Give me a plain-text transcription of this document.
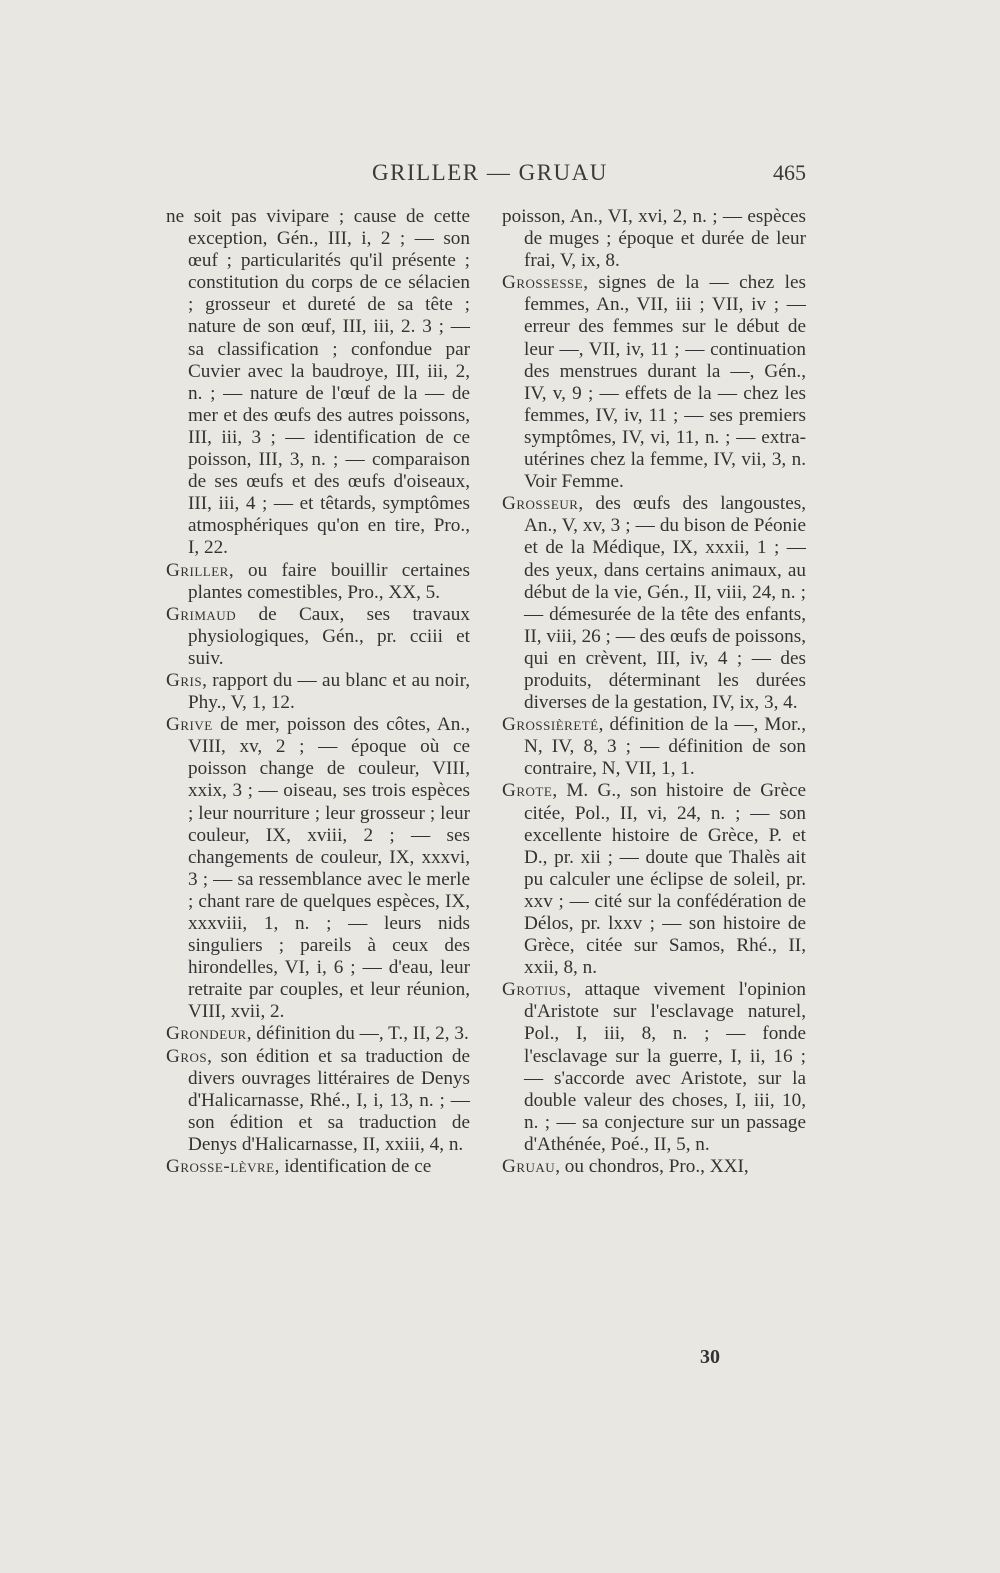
GRILLER — GRUAU	465

ne soit pas vivipare ; cause de cette exception, Gén., III, i, 2 ; — son œuf ; particularités qu'il présente ; constitution du corps de ce sélacien ; grosseur et dureté de sa tête ; nature de son œuf, III, iii, 2. 3 ; — sa classification ; confondue par Cuvier avec la baudroye, III, iii, 2, n. ; — nature de l'œuf de la — de mer et des œufs des autres poissons, III, iii, 3 ; — identification de ce poisson, III, 3, n. ; — comparaison de ses œufs et des œufs d'oiseaux, III, iii, 4 ; — et têtards, symptômes atmosphériques qu'on en tire, Pro., I, 22.

Griller, ou faire bouillir certaines plantes comestibles, Pro., XX, 5.

Grimaud de Caux, ses travaux physiologiques, Gén., pr. cciii et suiv.

Gris, rapport du — au blanc et au noir, Phy., V, 1, 12.

Grive de mer, poisson des côtes, An., VIII, xv, 2 ; — époque où ce poisson change de couleur, VIII, xxix, 3 ; — oiseau, ses trois espèces ; leur nourriture ; leur grosseur ; leur couleur, IX, xviii, 2 ; — ses changements de couleur, IX, xxxvi, 3 ; — sa ressemblance avec le merle ; chant rare de quelques espèces, IX, xxxviii, 1, n. ; — leurs nids singuliers ; pareils à ceux des hirondelles, VI, i, 6 ; — d'eau, leur retraite par couples, et leur réunion, VIII, xvii, 2.

Grondeur, définition du —, T., II, 2, 3.

Gros, son édition et sa traduction de divers ouvrages littéraires de Denys d'Halicarnasse, Rhé., I, i, 13, n. ; — son édition et sa traduction de Denys d'Halicarnasse, II, xxiii, 4, n.

Grosse-lèvre, identification de ce

poisson, An., VI, xvi, 2, n. ; — espèces de muges ; époque et durée de leur frai, V, ix, 8.

Grossesse, signes de la — chez les femmes, An., VII, iii ; VII, iv ; — erreur des femmes sur le début de leur —, VII, iv, 11 ; — continuation des menstrues durant la —, Gén., IV, v, 9 ; — effets de la — chez les femmes, IV, iv, 11 ; — ses premiers symptômes, IV, vi, 11, n. ; — extra-utérines chez la femme, IV, vii, 3, n. Voir Femme.

Grosseur, des œufs des langoustes, An., V, xv, 3 ; — du bison de Péonie et de la Médique, IX, xxxii, 1 ; — des yeux, dans certains animaux, au début de la vie, Gén., II, viii, 24, n. ; — démesurée de la tête des enfants, II, viii, 26 ; — des œufs de poissons, qui en crèvent, III, iv, 4 ; — des produits, déterminant les durées diverses de la gestation, IV, ix, 3, 4.

Grossièreté, définition de la —, Mor., N, IV, 8, 3 ; — définition de son contraire, N, VII, 1, 1.

Grote, M. G., son histoire de Grèce citée, Pol., II, vi, 24, n. ; — son excellente histoire de Grèce, P. et D., pr. xii ; — doute que Thalès ait pu calculer une éclipse de soleil, pr. xxv ; — cité sur la confédération de Délos, pr. lxxv ; — son histoire de Grèce, citée sur Samos, Rhé., II, xxii, 8, n.

Grotius, attaque vivement l'opinion d'Aristote sur l'esclavage naturel, Pol., I, iii, 8, n. ; — fonde l'esclavage sur la guerre, I, ii, 16 ; — s'accorde avec Aristote, sur la double valeur des choses, I, iii, 10, n. ; — sa conjecture sur un passage d'Athénée, Poé., II, 5, n.

Gruau, ou chondros, Pro., XXI,

30
